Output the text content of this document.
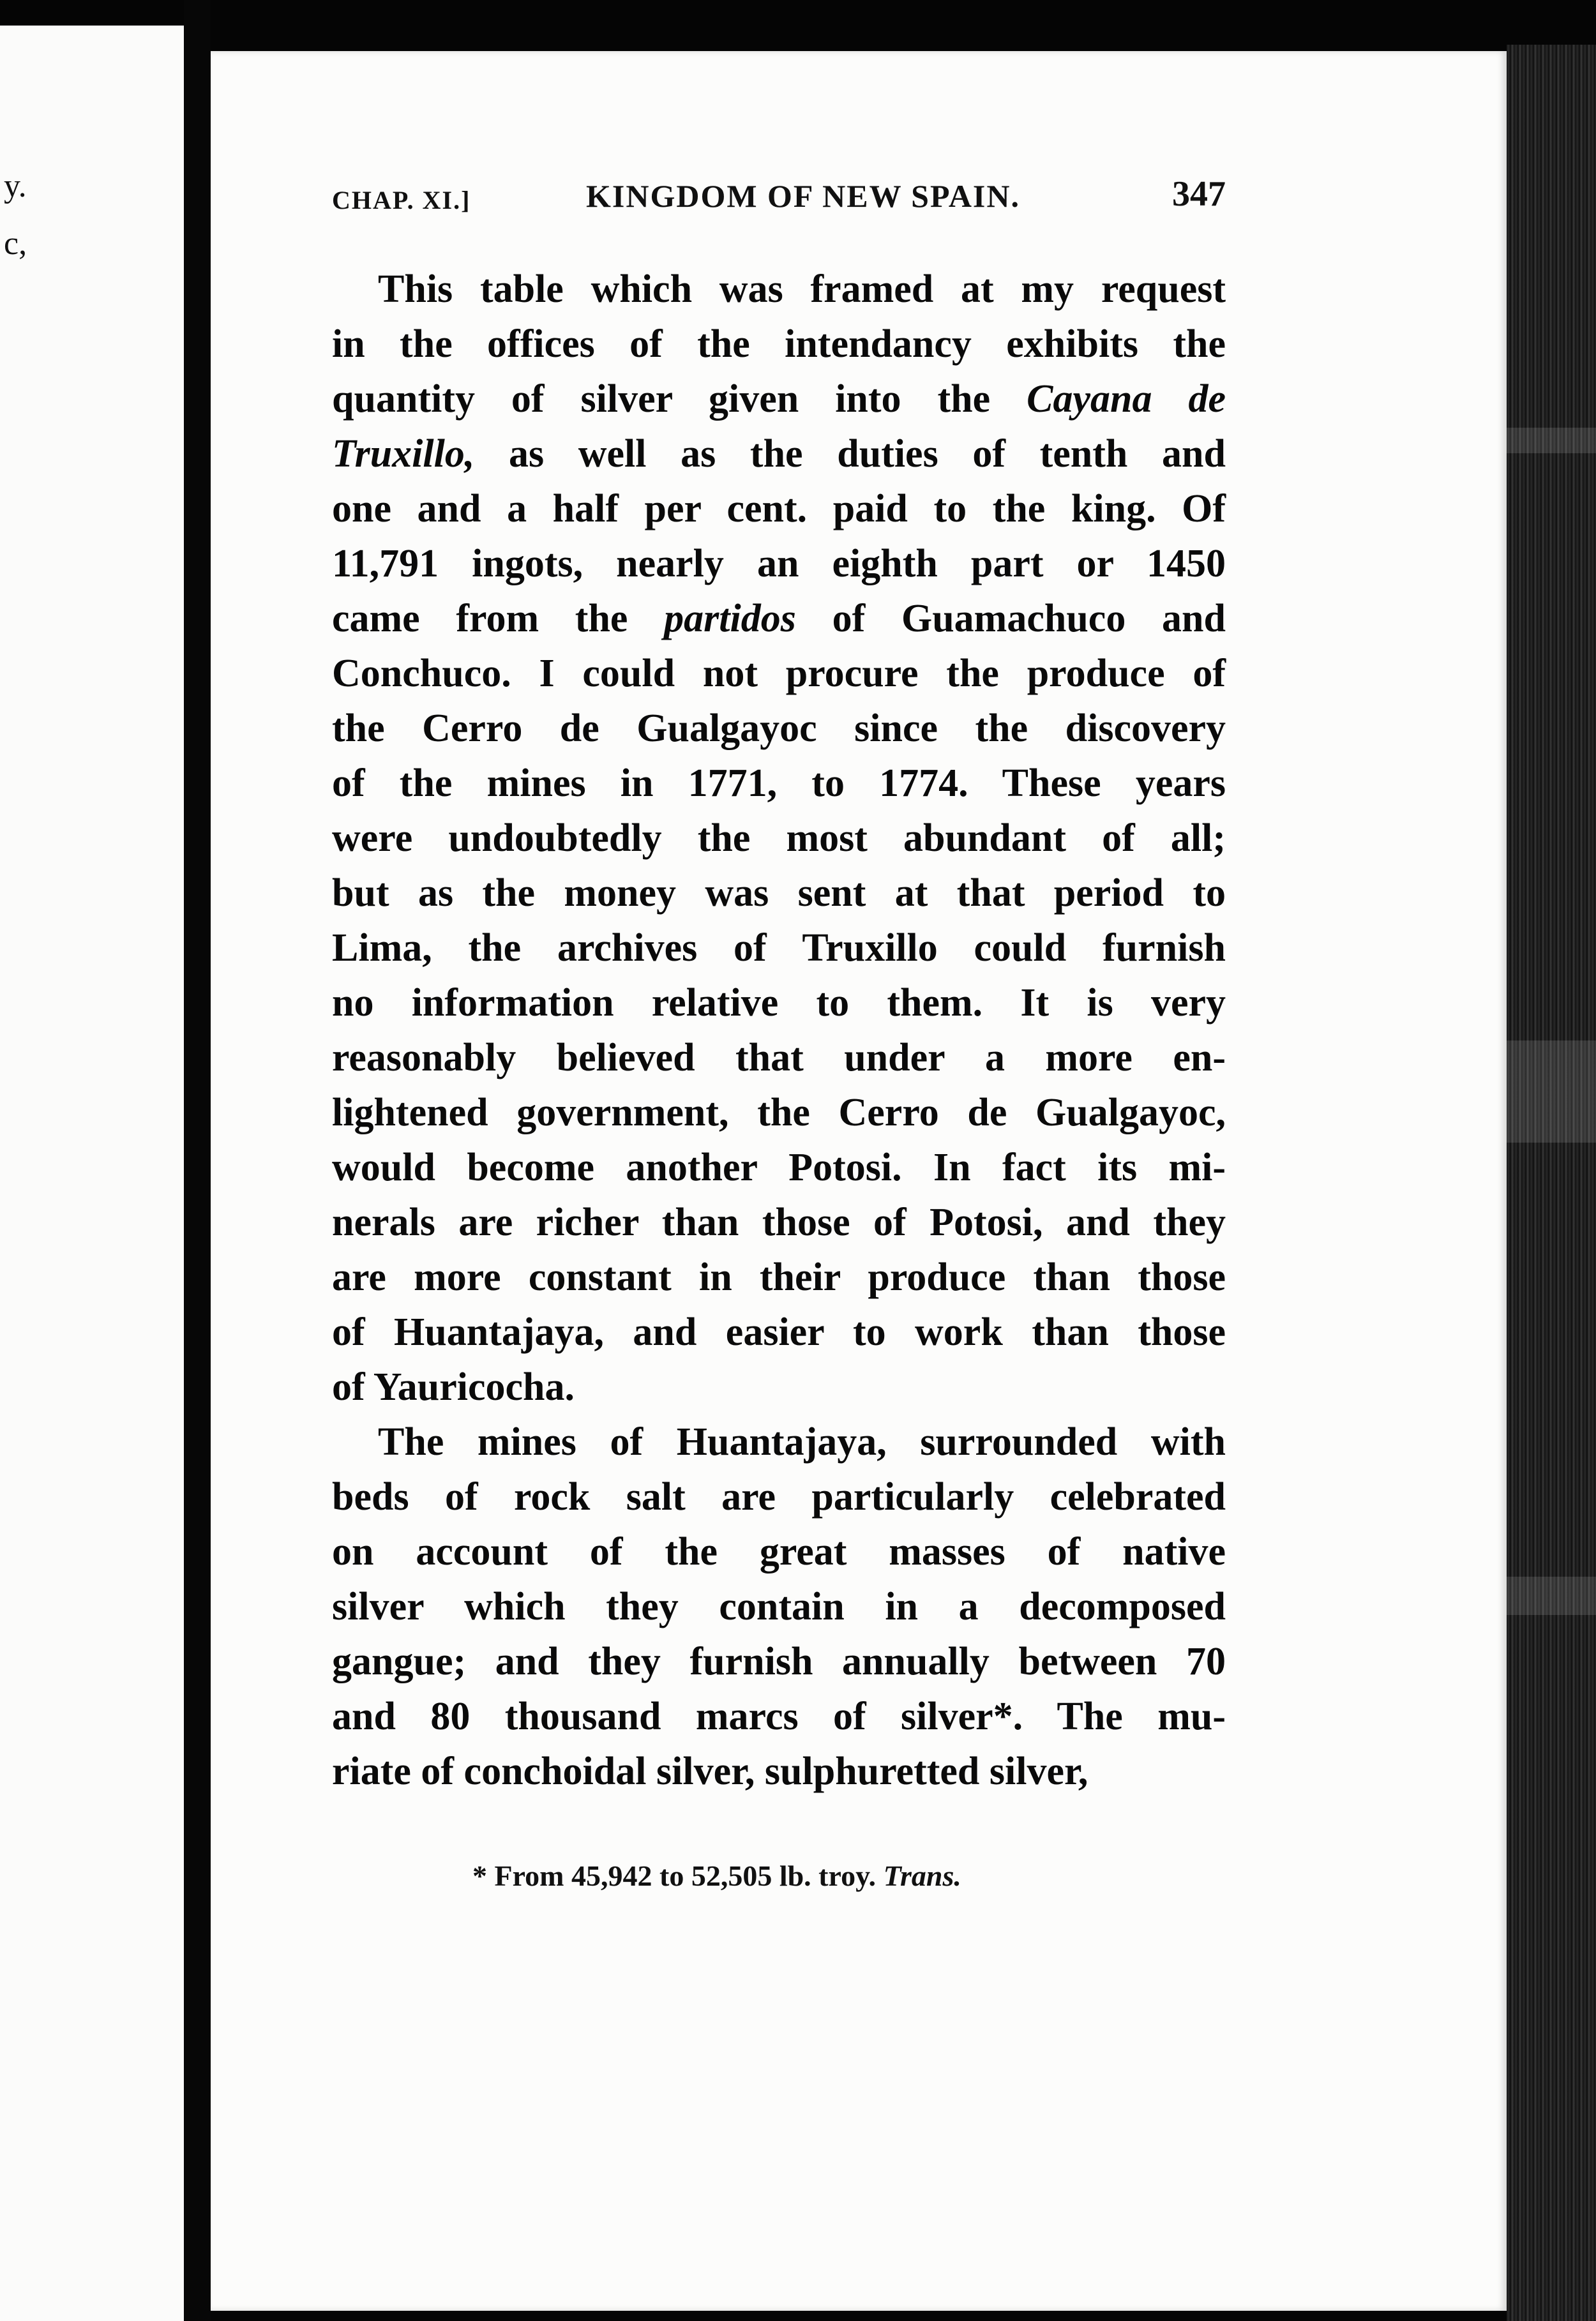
y.
c,
CHAP. XI.]	KINGDOM OF NEW SPAIN.	347
This table which was framed at my request
in the offices of the intendancy exhibits the
quantity of silver given into the Cayana de
Truxillo, as well as the duties of tenth and
one and a half per cent. paid to the king. Of
11,791 ingots, nearly an eighth part or 1450
came from the partidos of Guamachuco and
Conchuco. I could not procure the produce of
the Cerro de Gualgayoc since the discovery
of the mines in 1771, to 1774. These years
were undoubtedly the most abundant of all;
but as the money was sent at that period to
Lima, the archives of Truxillo could furnish
no information relative to them. It is very
reasonably believed that under a more en-
lightened government, the Cerro de Gualgayoc,
would become another Potosi. In fact its mi-
nerals are richer than those of Potosi, and they
are more constant in their produce than those
of Huantajaya, and easier to work than those
of Yauricocha.
The mines of Huantajaya, surrounded with
beds of rock salt are particularly celebrated
on account of the great masses of native
silver which they contain in a decomposed
gangue; and they furnish annually between 70
and 80 thousand marcs of silver*. The mu-
riate of conchoidal silver, sulphuretted silver,
* From 45,942 to 52,505 lb. troy. Trans.
